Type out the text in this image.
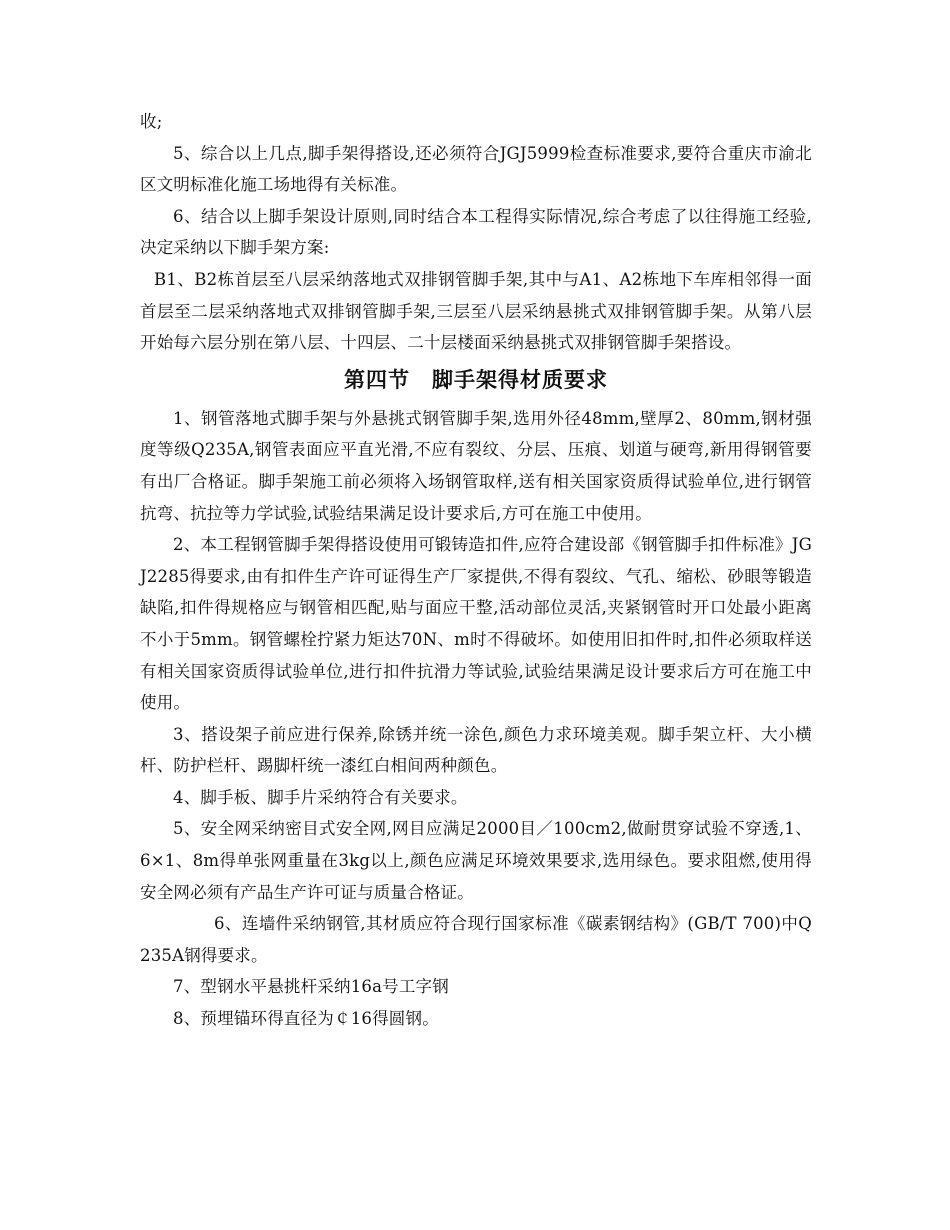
收;

5、综合以上几点,脚手架得搭设,还必须符合JGJ5999检查标准要求,要符合重庆市渝北区文明标准化施工场地得有关标准。

6、结合以上脚手架设计原则,同时结合本工程得实际情况,综合考虑了以往得施工经验,决定采纳以下脚手架方案:

B1、B2栋首层至八层采纳落地式双排钢管脚手架,其中与A1、A2栋地下车库相邻得一面首层至二层采纳落地式双排钢管脚手架,三层至八层采纳悬挑式双排钢管脚手架。从第八层开始每六层分别在第八层、十四层、二十层楼面采纳悬挑式双排钢管脚手架搭设。

第四节　脚手架得材质要求

1、钢管落地式脚手架与外悬挑式钢管脚手架,选用外径48mm,壁厚2、80mm,钢材强度等级Q235A,钢管表面应平直光滑,不应有裂纹、分层、压痕、划道与硬弯,新用得钢管要有出厂合格证。脚手架施工前必须将入场钢管取样,送有相关国家资质得试验单位,进行钢管抗弯、抗拉等力学试验,试验结果满足设计要求后,方可在施工中使用。

2、本工程钢管脚手架得搭设使用可锻铸造扣件,应符合建设部《钢管脚手扣件标准》JGJ2285得要求,由有扣件生产许可证得生产厂家提供,不得有裂纹、气孔、缩松、砂眼等锻造缺陷,扣件得规格应与钢管相匹配,贴与面应干整,活动部位灵活,夹紧钢管时开口处最小距离不小于5mm。钢管螺栓拧紧力矩达70N、m时不得破坏。如使用旧扣件时,扣件必须取样送有相关国家资质得试验单位,进行扣件抗滑力等试验,试验结果满足设计要求后方可在施工中使用。

3、搭设架子前应进行保养,除锈并统一涂色,颜色力求环境美观。脚手架立杆、大小横杆、防护栏杆、踢脚杆统一漆红白相间两种颜色。

4、脚手板、脚手片采纳符合有关要求。

5、安全网采纳密目式安全网,网目应满足2000目／100cm2,做耐贯穿试验不穿透,1、6×1、8m得单张网重量在3kg以上,颜色应满足环境效果要求,选用绿色。要求阻燃,使用得安全网必须有产品生产许可证与质量合格证。

6、连墙件采纳钢管,其材质应符合现行国家标准《碳素钢结构》(GB/T 700)中Q235A钢得要求。

7、型钢水平悬挑杆采纳16a号工字钢

8、预埋锚环得直径为￠16得圆钢。
